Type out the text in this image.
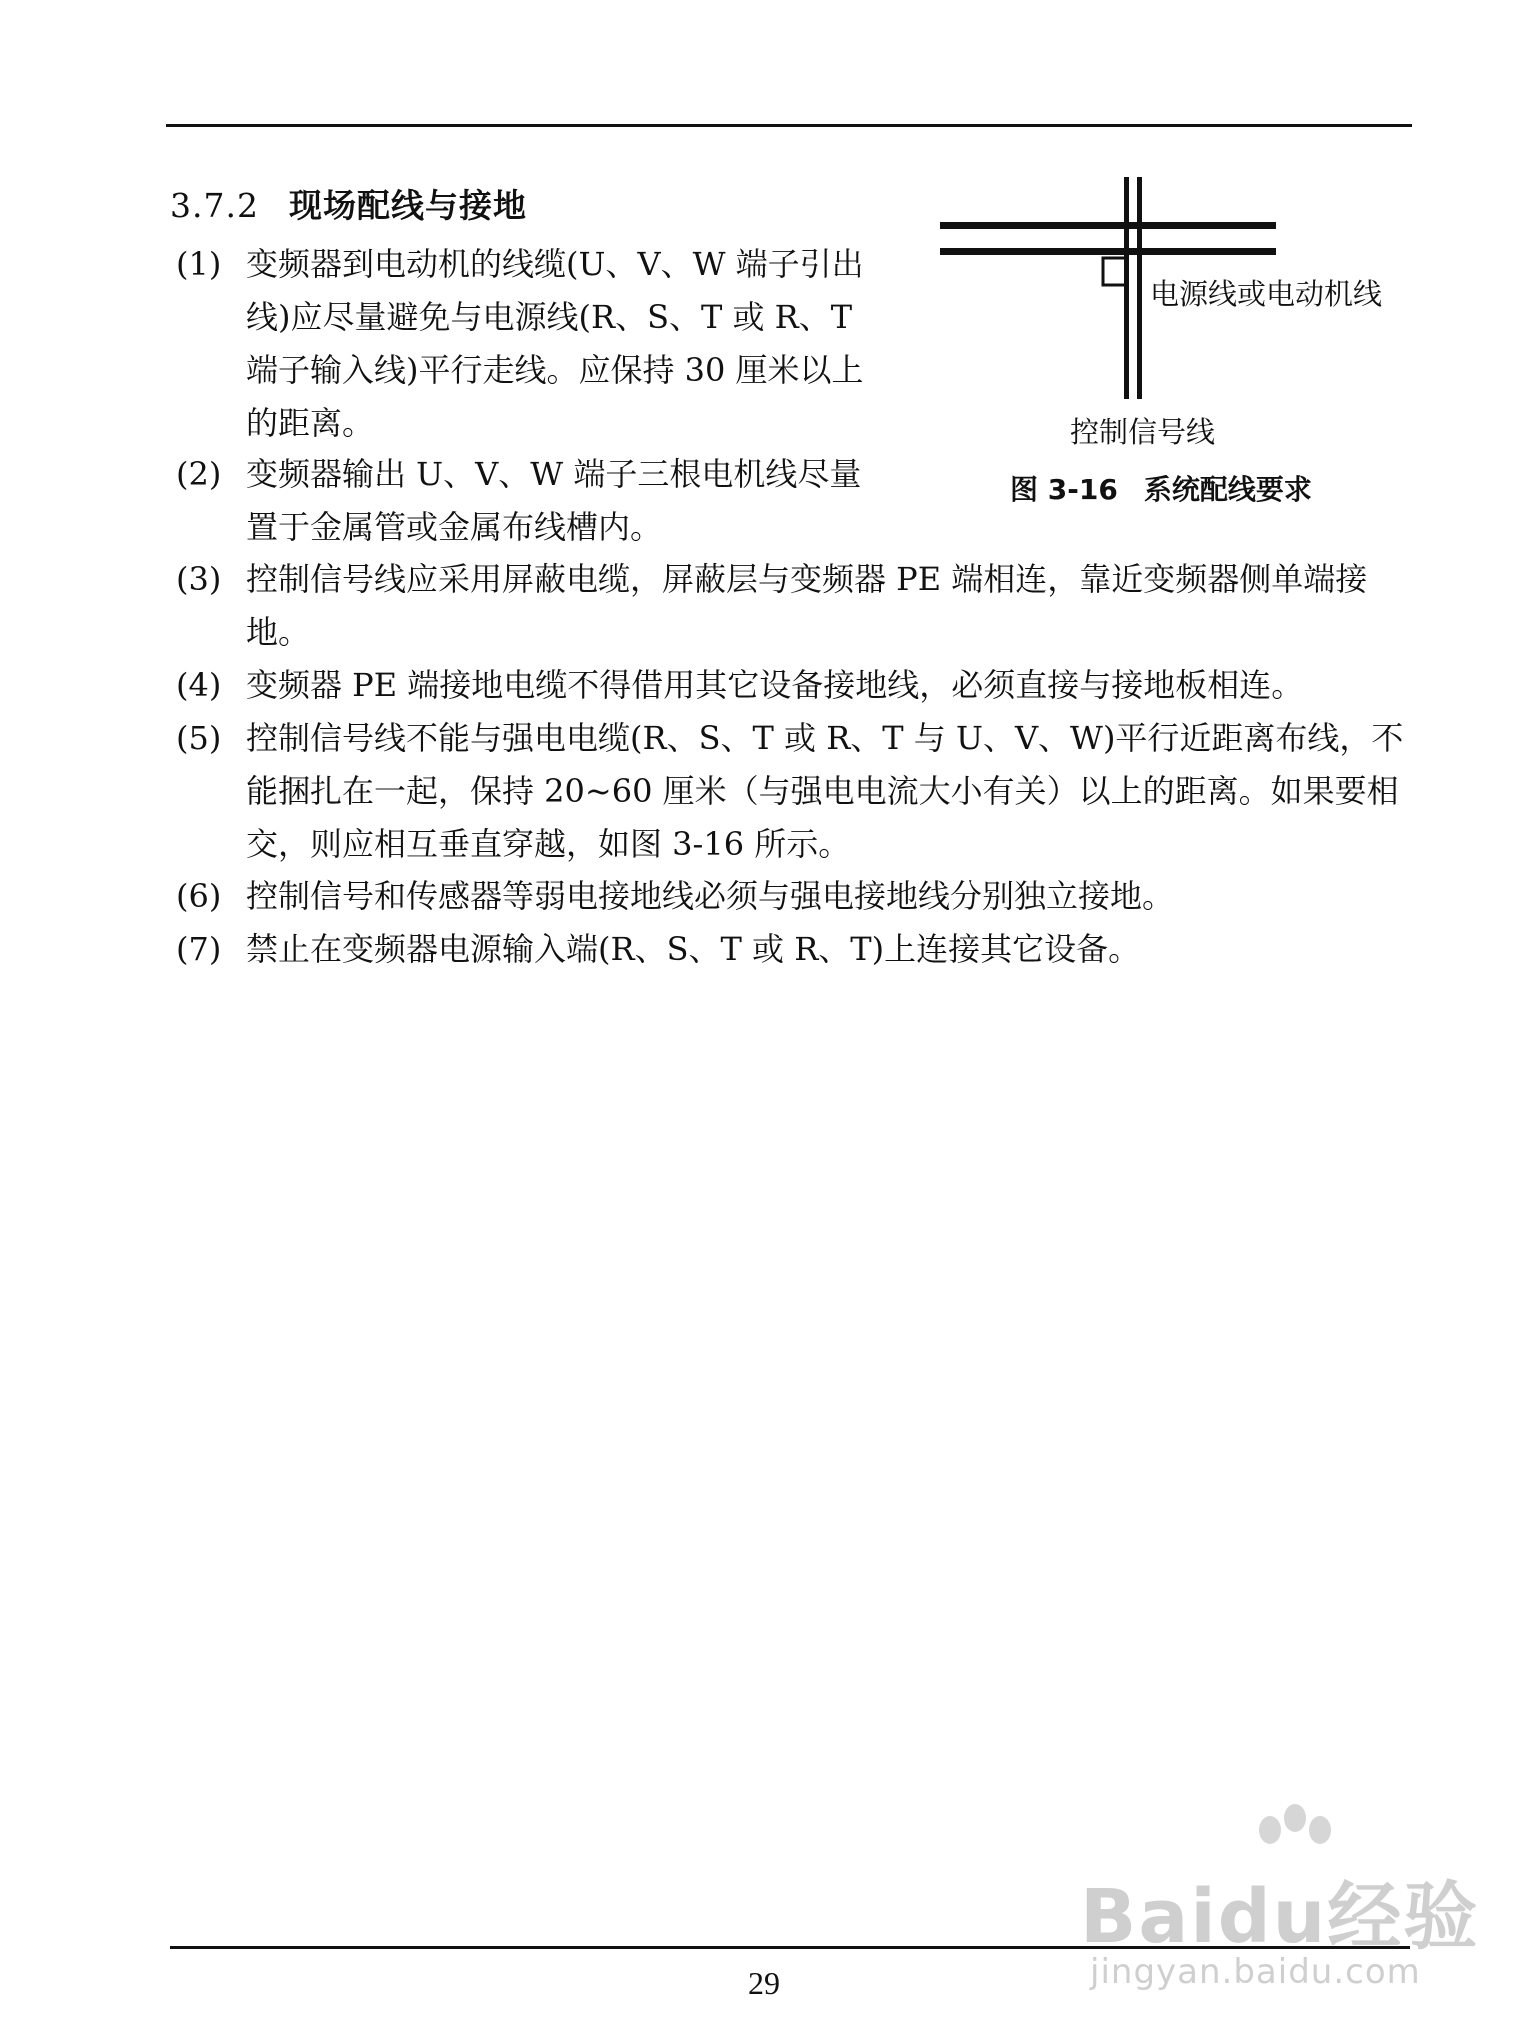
3.7.2 现场配线与接地
(1) 变频器到电动机的线缆(U、V、W 端子引出线)应尽量避免与电源线(R、S、T 或 R、T 端子输入线)平行走线。应保持 30 厘米以上的距离。
(2) 变频器输出 U、V、W 端子三根电机线尽量置于金属管或金属布线槽内。
(3) 控制信号线应采用屏蔽电缆，屏蔽层与变频器 PE 端相连，靠近变频器侧单端接地。
(4) 变频器 PE 端接地电缆不得借用其它设备接地线，必须直接与接地板相连。
(5) 控制信号线不能与强电电缆(R、S、T 或 R、T 与 U、V、W)平行近距离布线，不能捆扎在一起，保持 20~60 厘米（与强电电流大小有关）以上的距离。如果要相交，则应相互垂直穿越，如图 3-16 所示。
(6) 控制信号和传感器等弱电接地线必须与强电接地线分别独立接地。
(7) 禁止在变频器电源输入端(R、S、T 或 R、T)上连接其它设备。
电源线或电动机线
控制信号线
图 3-16 系统配线要求
29
Baidu经验
jingyan.baidu.com
